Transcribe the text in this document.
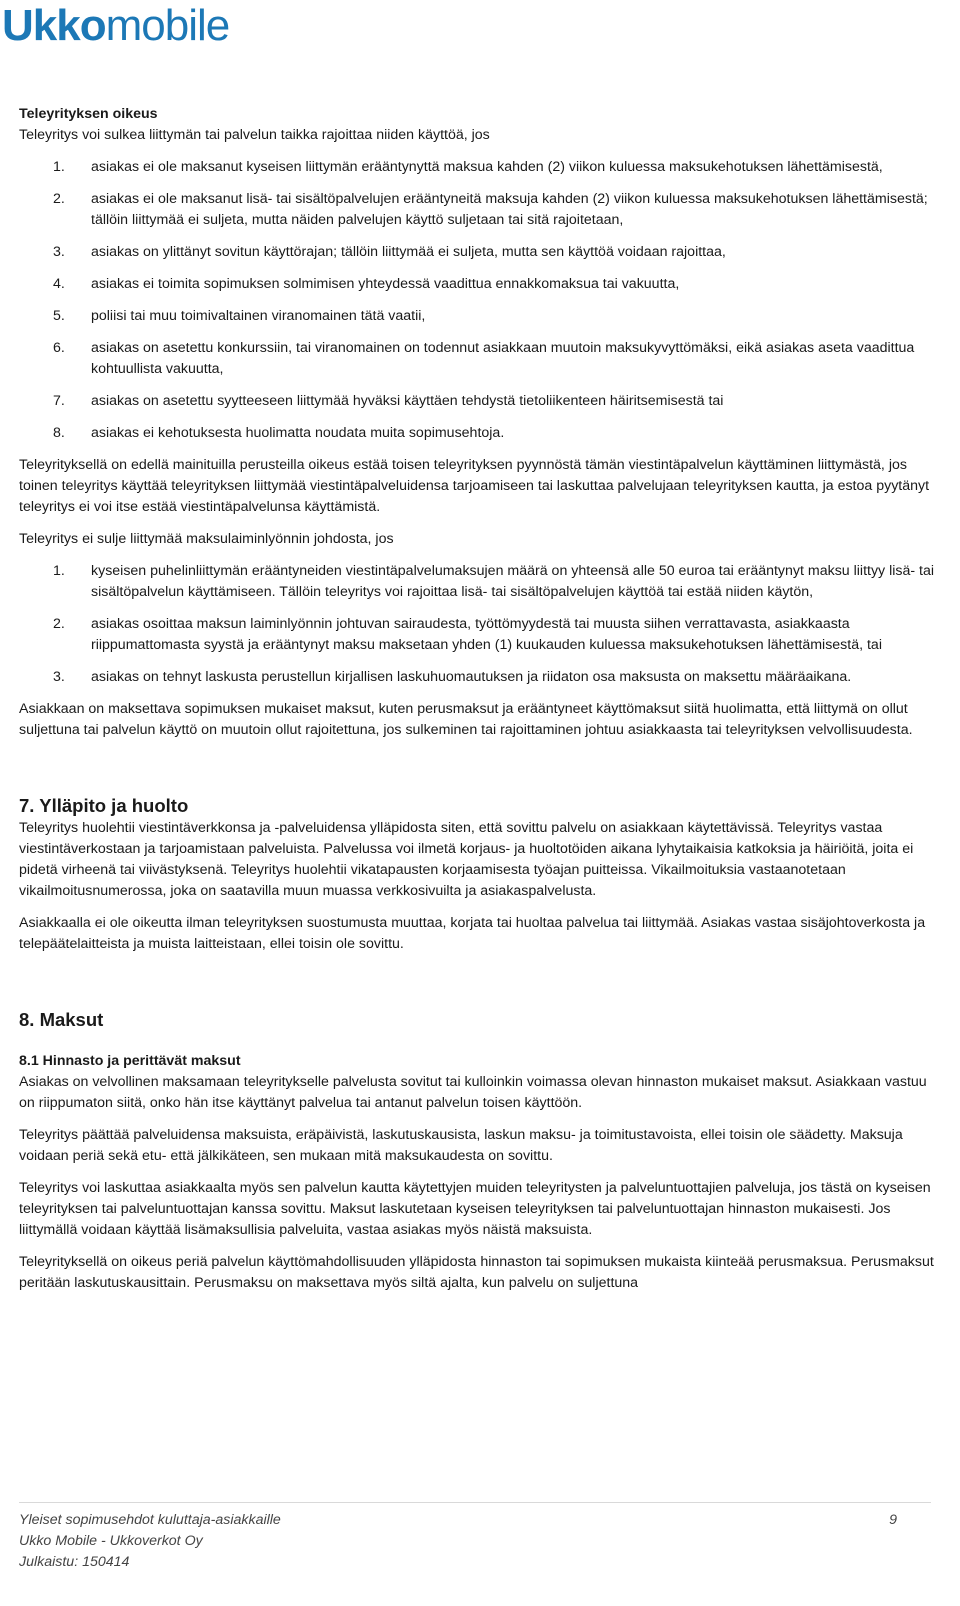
Ukkomobile

Teleyrityksen oikeus

Teleyritys voi sulkea liittymän tai palvelun taikka rajoittaa niiden käyttöä, jos

1. asiakas ei ole maksanut kyseisen liittymän erääntynyttä maksua kahden (2) viikon kuluessa maksukehotuksen lähettämisestä,
2. asiakas ei ole maksanut lisä- tai sisältöpalvelujen erääntyneitä maksuja kahden (2) viikon kuluessa maksukehotuksen lähettämisestä; tällöin liittymää ei suljeta, mutta näiden palvelujen käyttö suljetaan tai sitä rajoitetaan,
3. asiakas on ylittänyt sovitun käyttörajan; tällöin liittymää ei suljeta, mutta sen käyttöä voidaan rajoittaa,
4. asiakas ei toimita sopimuksen solmimisen yhteydessä vaadittua ennakkomaksua tai vakuutta,
5. poliisi tai muu toimivaltainen viranomainen tätä vaatii,
6. asiakas on asetettu konkurssiin, tai viranomainen on todennut asiakkaan muutoin maksukyvyttömäksi, eikä asiakas aseta vaadittua kohtuullista vakuutta,
7. asiakas on asetettu syytteeseen liittymää hyväksi käyttäen tehdystä tietoliikenteen häiritsemisestä tai
8. asiakas ei kehotuksesta huolimatta noudata muita sopimusehtoja.

Teleyrityksellä on edellä mainituilla perusteilla oikeus estää toisen teleyrityksen pyynnöstä tämän viestintäpalvelun käyttäminen liittymästä, jos toinen teleyritys käyttää teleyrityksen liittymää viestintäpalveluidensa tarjoamiseen tai laskuttaa palvelujaan teleyrityksen kautta, ja estoa pyytänyt teleyritys ei voi itse estää viestintäpalvelunsa käyttämistä.

Teleyritys ei sulje liittymää maksulaiminlyönnin johdosta, jos

1. kyseisen puhelinliittymän erääntyneiden viestintäpalvelumaksujen määrä on yhteensä alle 50 euroa tai erääntynyt maksu liittyy lisä- tai sisältöpalvelun käyttämiseen. Tällöin teleyritys voi rajoittaa lisä- tai sisältöpalvelujen käyttöä tai estää niiden käytön,
2. asiakas osoittaa maksun laiminlyönnin johtuvan sairaudesta, työttömyydestä tai muusta siihen verrattavasta, asiakkaasta riippumattomasta syystä ja erääntynyt maksu maksetaan yhden (1) kuukauden kuluessa maksukehotuksen lähettämisestä, tai
3. asiakas on tehnyt laskusta perustellun kirjallisen laskuhuomautuksen ja riidaton osa maksusta on maksettu määräaikana.

Asiakkaan on maksettava sopimuksen mukaiset maksut, kuten perusmaksut ja erääntyneet käyttömaksut siitä huolimatta, että liittymä on ollut suljettuna tai palvelun käyttö on muutoin ollut rajoitettuna, jos sulkeminen tai rajoittaminen johtuu asiakkaasta tai teleyrityksen velvollisuudesta.

7. Ylläpito ja huolto

Teleyritys huolehtii viestintäverkkonsa ja -palveluidensa ylläpidosta siten, että sovittu palvelu on asiakkaan käytettävissä. Teleyritys vastaa viestintäverkostaan ja tarjoamistaan palveluista. Palvelussa voi ilmetä korjaus- ja huoltotöiden aikana lyhytaikaisia katkoksia ja häiriöitä, joita ei pidetä virheenä tai viivästyksenä. Teleyritys huolehtii vikatapausten korjaamisesta työajan puitteissa. Vikailmoituksia vastaanotetaan vikailmoitusnumerossa, joka on saatavilla muun muassa verkkosivuilta ja asiakaspalvelusta.

Asiakkaalla ei ole oikeutta ilman teleyrityksen suostumusta muuttaa, korjata tai huoltaa palvelua tai liittymää. Asiakas vastaa sisäjohtoverkosta ja telepäätelaitteista ja muista laitteistaan, ellei toisin ole sovittu.

8. Maksut

8.1 Hinnasto ja perittävät maksut

Asiakas on velvollinen maksamaan teleyritykselle palvelusta sovitut tai kulloinkin voimassa olevan hinnaston mukaiset maksut. Asiakkaan vastuu on riippumaton siitä, onko hän itse käyttänyt palvelua tai antanut palvelun toisen käyttöön.

Teleyritys päättää palveluidensa maksuista, eräpäivistä, laskutuskausista, laskun maksu- ja toimitustavoista, ellei toisin ole säädetty. Maksuja voidaan periä sekä etu- että jälkikäteen, sen mukaan mitä maksukaudesta on sovittu.

Teleyritys voi laskuttaa asiakkaalta myös sen palvelun kautta käytettyjen muiden teleyritysten ja palveluntuottajien palveluja, jos tästä on kyseisen teleyrityksen tai palveluntuottajan kanssa sovittu. Maksut laskutetaan kyseisen teleyrityksen tai palveluntuottajan hinnaston mukaisesti. Jos liittymällä voidaan käyttää lisämaksullisia palveluita, vastaa asiakas myös näistä maksuista.

Teleyrityksellä on oikeus periä palvelun käyttömahdollisuuden ylläpidosta hinnaston tai sopimuksen mukaista kiinteää perusmaksua. Perusmaksut peritään laskutuskausittain. Perusmaksu on maksettava myös siltä ajalta, kun palvelu on suljettuna

Yleiset sopimusehdot kuluttaja-asiakkaille
Ukko Mobile - Ukkoverkot Oy
Julkaistu: 150414
9
